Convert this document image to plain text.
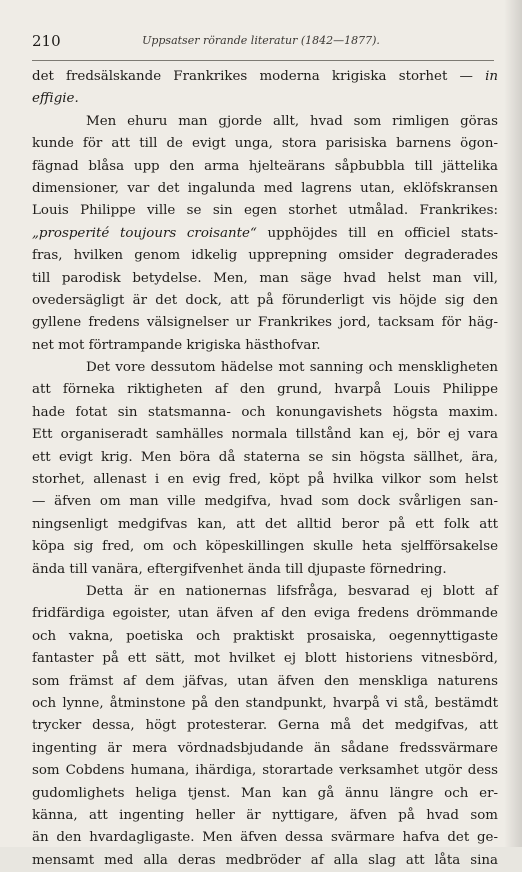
210	Uppsatser rörande literatur (1842—1877).
det fredsälskande Frankrikes moderna krigiska storhet — in
effigie.
Men ehuru man gjorde allt, hvad som rimligen göras
kunde för att till de evigt unga, stora parisiska barnens ögon-
fägnad blåsa upp den arma hjelteärans såpbubbla till jättelika
dimensioner, var det ingalunda med lagrens utan, eklöfskransen
Louis Philippe ville se sin egen storhet utmålad. Frankrikes:
„prosperité toujours croisante“ upphöjdes till en officiel stats-
fras, hvilken genom idkelig upprepning omsider degraderades
till parodisk betydelse. Men, man säge hvad helst man vill,
ovedersägligt är det dock, att på förunderligt vis höjde sig den
gyllene fredens välsignelser ur Frankrikes jord, tacksam för häg-
net mot förtrampande krigiska hästhofvar.
Det vore dessutom hädelse mot sanning och menskligheten
att förneka riktigheten af den grund, hvarpå Louis Philippe
hade fotat sin statsmanna- och konungavishets högsta maxim.
Ett organiseradt samhälles normala tillstånd kan ej, bör ej vara
ett evigt krig. Men böra då staterna se sin högsta sällhet, ära,
storhet, allenast i en evig fred, köpt på hvilka vilkor som helst
— äfven om man ville medgifva, hvad som dock svårligen san-
ningsenligt medgifvas kan, att det alltid beror på ett folk att
köpa sig fred, om och köpeskillingen skulle heta sjelfförsakelse
ända till vanära, eftergifvenhet ända till djupaste förnedring.
Detta är en nationernas lifsfråga, besvarad ej blott af
fridfärdiga egoister, utan äfven af den eviga fredens drömmande
och vakna, poetiska och praktiskt prosaiska, oegennyttigaste
fantaster på ett sätt, mot hvilket ej blott historiens vitnesbörd,
som främst af dem jäfvas, utan äfven den menskliga naturens
och lynne, åtminstone på den standpunkt, hvarpå vi stå, bestämdt
trycker dessa, högt protesterar. Gerna må det medgifvas, att
ingenting är mera vördnadsbjudande än sådane fredssvärmare
som Cobdens humana, ihärdiga, storartade verksamhet utgör dess
gudomlighets heliga tjenst. Man kan gå ännu längre och er-
känna, att ingenting heller är nyttigare, äfven på hvad som
än den hvardagligaste. Men äfven dessa svärmare hafva det ge-
mensamt med alla deras medbröder af alla slag att låta sina
